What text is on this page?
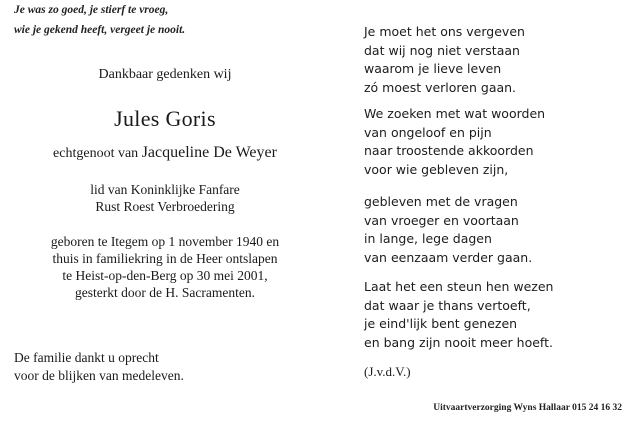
Je was zo goed, je stierf te vroeg,
wie je gekend heeft, vergeet je nooit.
Dankbaar gedenken wij
Jules Goris
echtgenoot van Jacqueline De Weyer
lid van Koninklijke Fanfare
Rust Roest Verbroedering
geboren te Itegem op 1 november 1940 en
thuis in familiekring in de Heer ontslapen
te Heist-op-den-Berg op 30 mei 2001,
gesterkt door de H. Sacramenten.
De familie dankt u oprecht
voor de blijken van medeleven.
Je moet het ons vergeven
dat wij nog niet verstaan
waarom je lieve leven
zó moest verloren gaan.
We zoeken met wat woorden
van ongeloof en pijn
naar troostende akkoorden
voor wie gebleven zijn,
gebleven met de vragen
van vroeger en voortaan
in lange, lege dagen
van eenzaam verder gaan.
Laat het een steun hen wezen
dat waar je thans vertoeft,
je eind'lijk bent genezen
en bang zijn nooit meer hoeft.
(J.v.d.V.)
Uitvaartverzorging Wyns Hallaar 015 24 16 32
